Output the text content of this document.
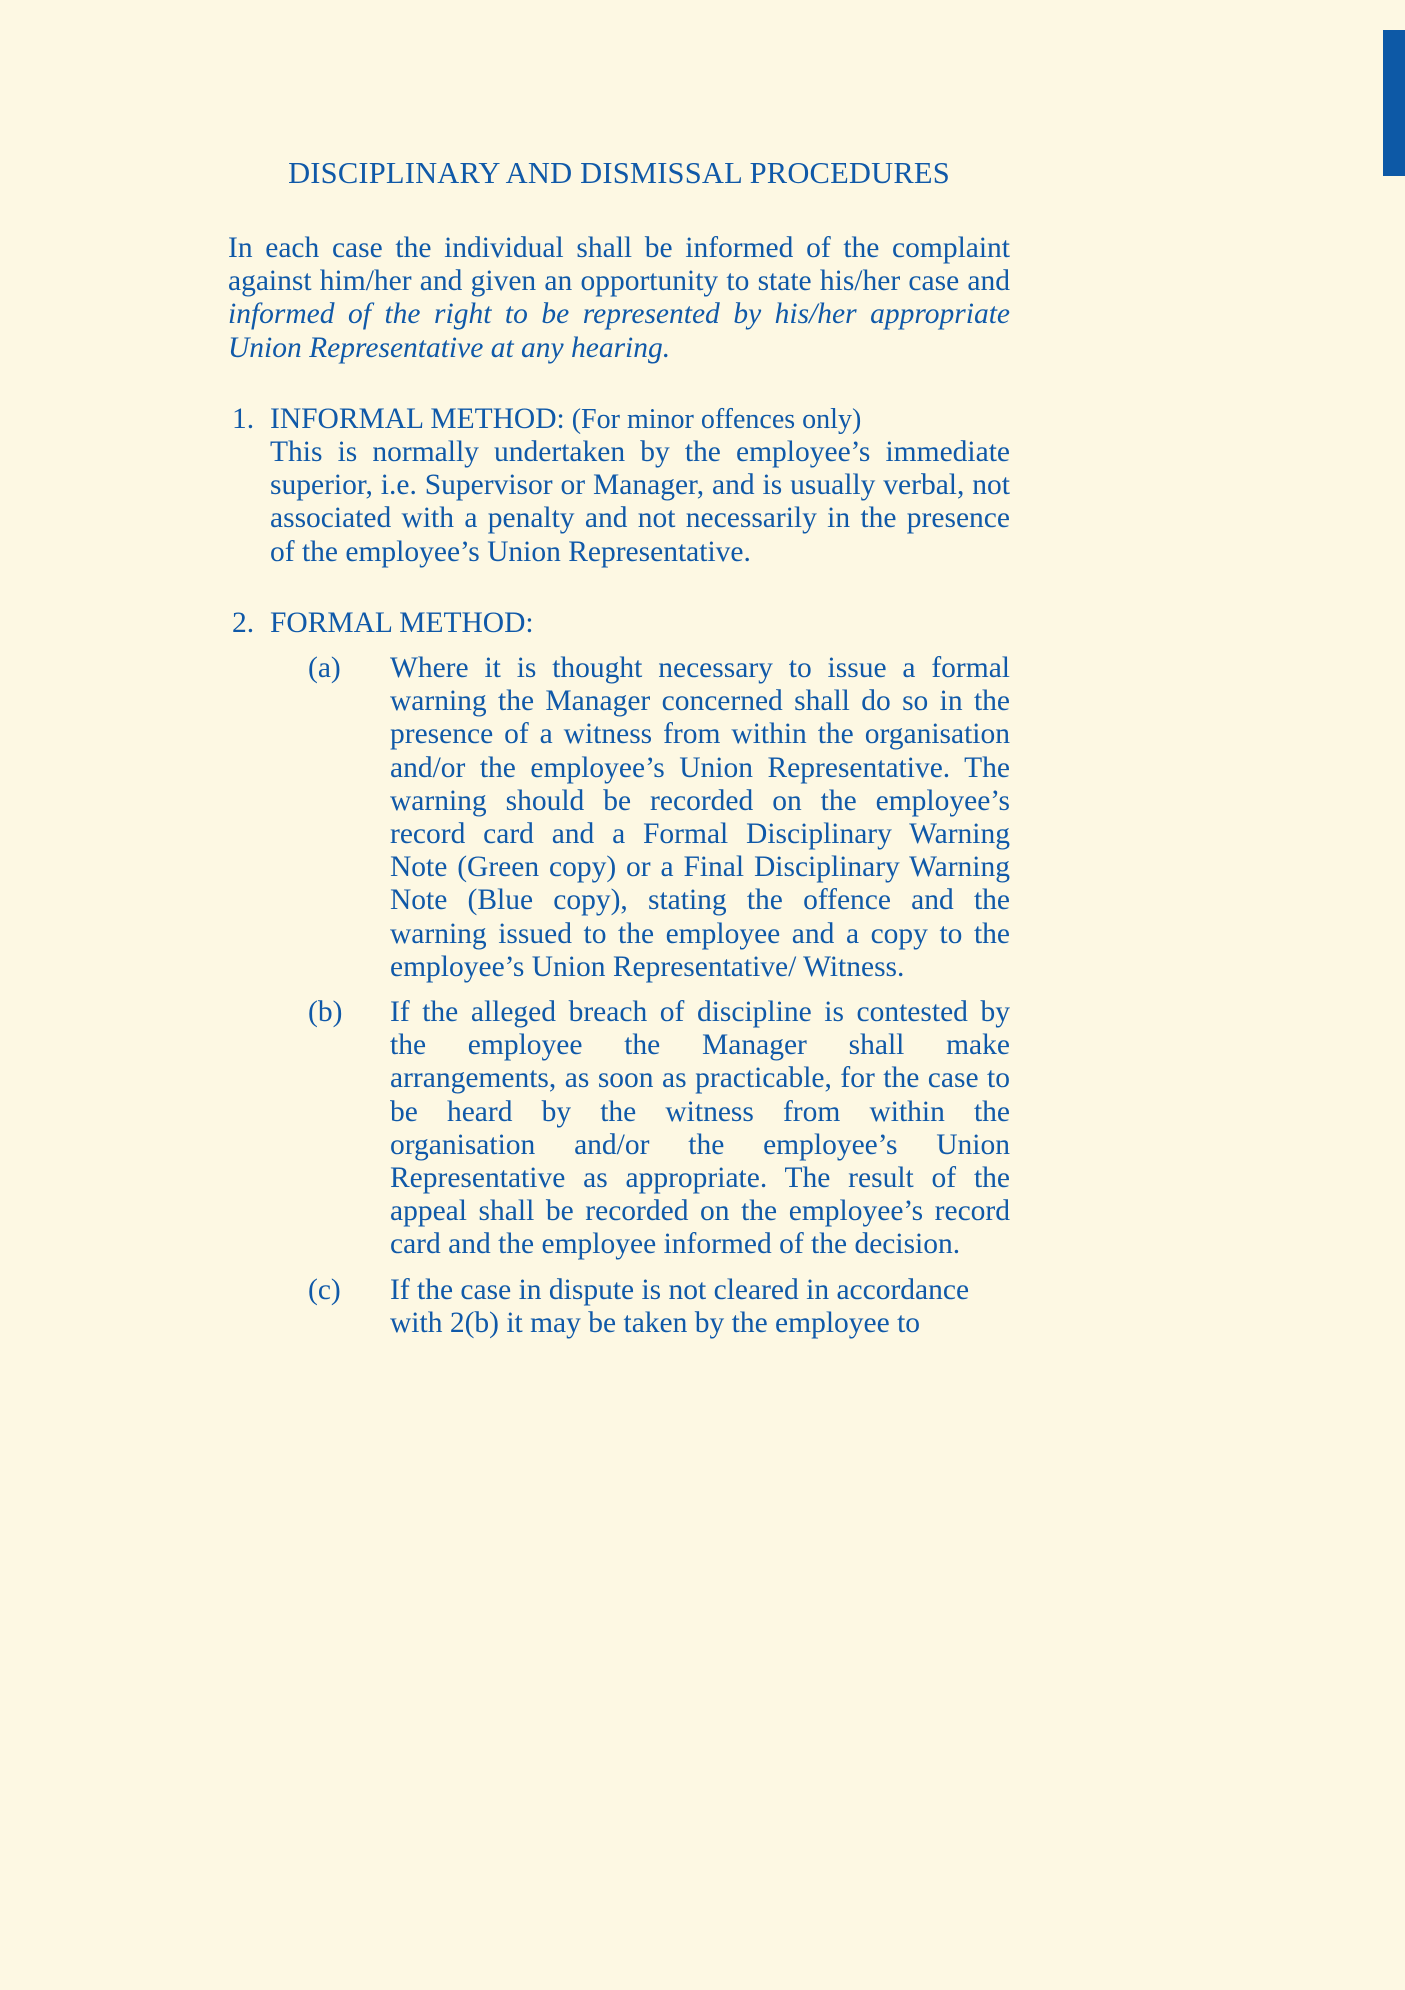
DISCIPLINARY AND DISMISSAL PROCEDURES

In each case the individual shall be informed of the complaint against him/her and given an opportunity to state his/her case and informed of the right to be represented by his/her appropriate Union Representative at any hearing.

1. INFORMAL METHOD: (For minor offences only)

This is normally undertaken by the employee’s immediate superior, i.e. Supervisor or Manager, and is usually verbal, not associated with a penalty and not necessarily in the presence of the employee’s Union Representative.

2. FORMAL METHOD:

(a) Where it is thought necessary to issue a formal warning the Manager concerned shall do so in the presence of a witness from within the organisation and/or the employee’s Union Representative. The warning should be recorded on the employee’s record card and a Formal Disciplinary Warning Note (Green copy) or a Final Disciplinary Warning Note (Blue copy), stating the offence and the warning issued to the employee and a copy to the employee’s Union Representative/ Witness.

(b) If the alleged breach of discipline is contested by the employee the Manager shall make arrangements, as soon as practicable, for the case to be heard by the witness from within the organisation and/or the employee’s Union Representative as appropriate. The result of the appeal shall be recorded on the employee’s record card and the employee informed of the decision.

(c) If the case in dispute is not cleared in accordance with 2(b) it may be taken by the employee to
